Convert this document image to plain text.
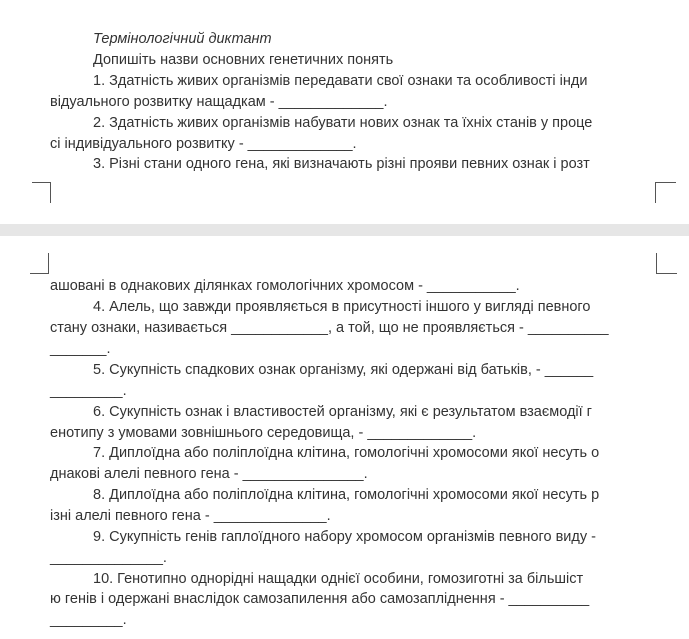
Термінологічний диктант
Допишіть назви основних генетичних понять
1. Здатність живих організмів передавати свої ознаки та особливості інди
відуального розвитку нащадкам - _____________.
2. Здатність живих організмів набувати нових ознак та їхніх станів у проце
сі індивідуального розвитку - _____________.
3. Різні стани одного гена, які визначають різні прояви певних ознак і розт
ашовані в однакових ділянках гомологічних хромосом - ___________.
4. Алель, що завжди проявляється в присутності іншого у вигляді певного
стану ознаки, називається ____________, а той, що не проявляється - __________
_______.
5. Сукупність спадкових ознак організму, які одержані від батьків, - ______
_________.
6. Сукупність ознак і властивостей організму, які є результатом взаємодії г
енотипу з умовами зовнішнього середовища, - _____________.
7. Диплоїдна або поліплоїдна клітина, гомологічні хромосоми якої несуть о
днакові алелі певного гена - _______________.
8. Диплоїдна або поліплоїдна клітина, гомологічні хромосоми якої несуть р
ізні алелі певного гена - ______________.
9. Сукупність генів гаплоїдного набору хромосом організмів певного виду -
______________.
10. Генотипно однорідні нащадки однієї особини, гомозиготні за більшіст
ю генів і одержані внаслідок самозапилення або самозапліднення - __________
_________.
